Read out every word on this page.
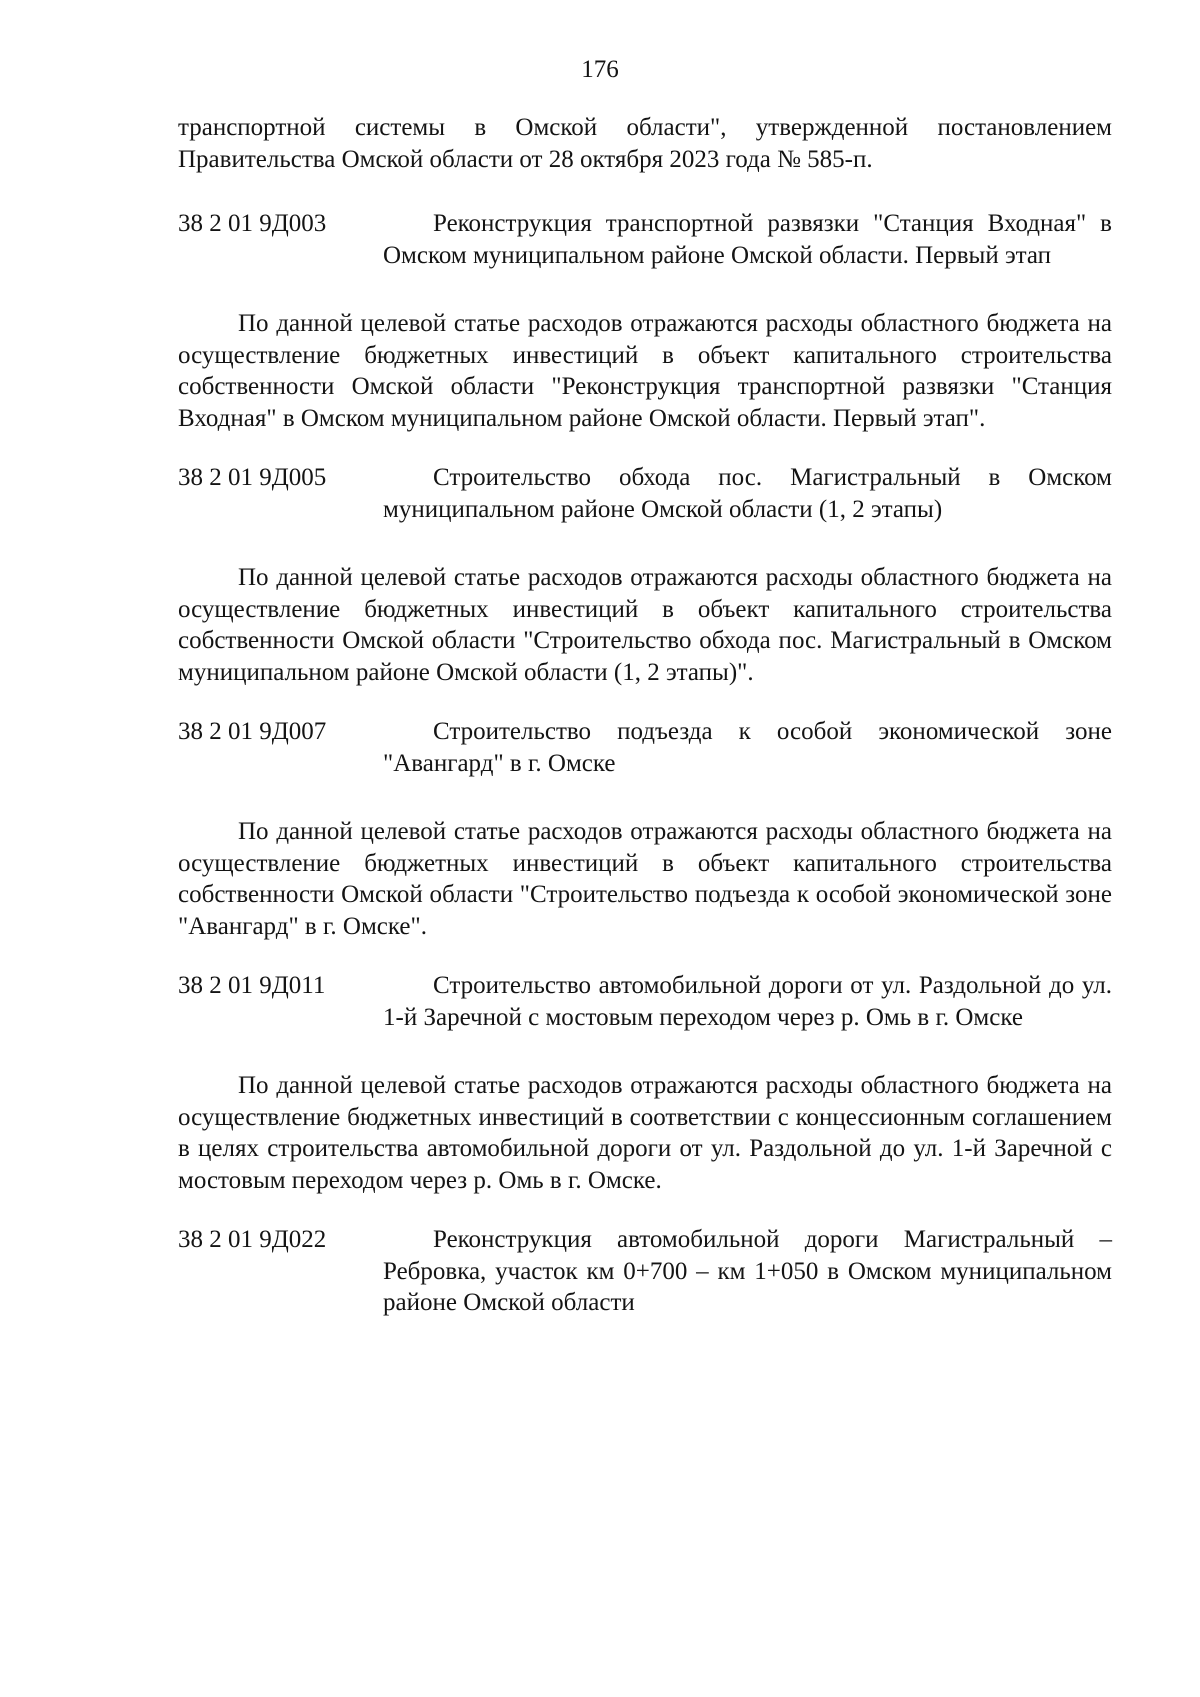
176

транспортной системы в Омской области", утвержденной постановлением Правительства Омской области от 28 октября 2023 года № 585-п.

38 2 01 9Д003	Реконструкция транспортной развязки "Станция Входная" в Омском муниципальном районе Омской области. Первый этап

По данной целевой статье расходов отражаются расходы областного бюджета на осуществление бюджетных инвестиций в объект капитального строительства собственности Омской области "Реконструкция транспортной развязки "Станция Входная" в Омском муниципальном районе Омской области. Первый этап".

38 2 01 9Д005	Строительство обхода пос. Магистральный в Омском муниципальном районе Омской области (1, 2 этапы)

По данной целевой статье расходов отражаются расходы областного бюджета на осуществление бюджетных инвестиций в объект капитального строительства собственности Омской области "Строительство обхода пос. Магистральный в Омском муниципальном районе Омской области (1, 2 этапы)".

38 2 01 9Д007	Строительство подъезда к особой экономической зоне "Авангард" в г. Омске

По данной целевой статье расходов отражаются расходы областного бюджета на осуществление бюджетных инвестиций в объект капитального строительства собственности Омской области "Строительство подъезда к особой экономической зоне "Авангард" в г. Омске".

38 2 01 9Д011	Строительство автомобильной дороги от ул. Раздольной до ул. 1-й Заречной с мостовым переходом через р. Омь в г. Омске

По данной целевой статье расходов отражаются расходы областного бюджета на осуществление бюджетных инвестиций в соответствии с концессионным соглашением в целях строительства автомобильной дороги от ул. Раздольной до ул. 1-й Заречной с мостовым переходом через р. Омь в г. Омске.

38 2 01 9Д022	Реконструкция автомобильной дороги Магистральный – Ребровка, участок км 0+700 – км 1+050 в Омском муниципальном районе Омской области
